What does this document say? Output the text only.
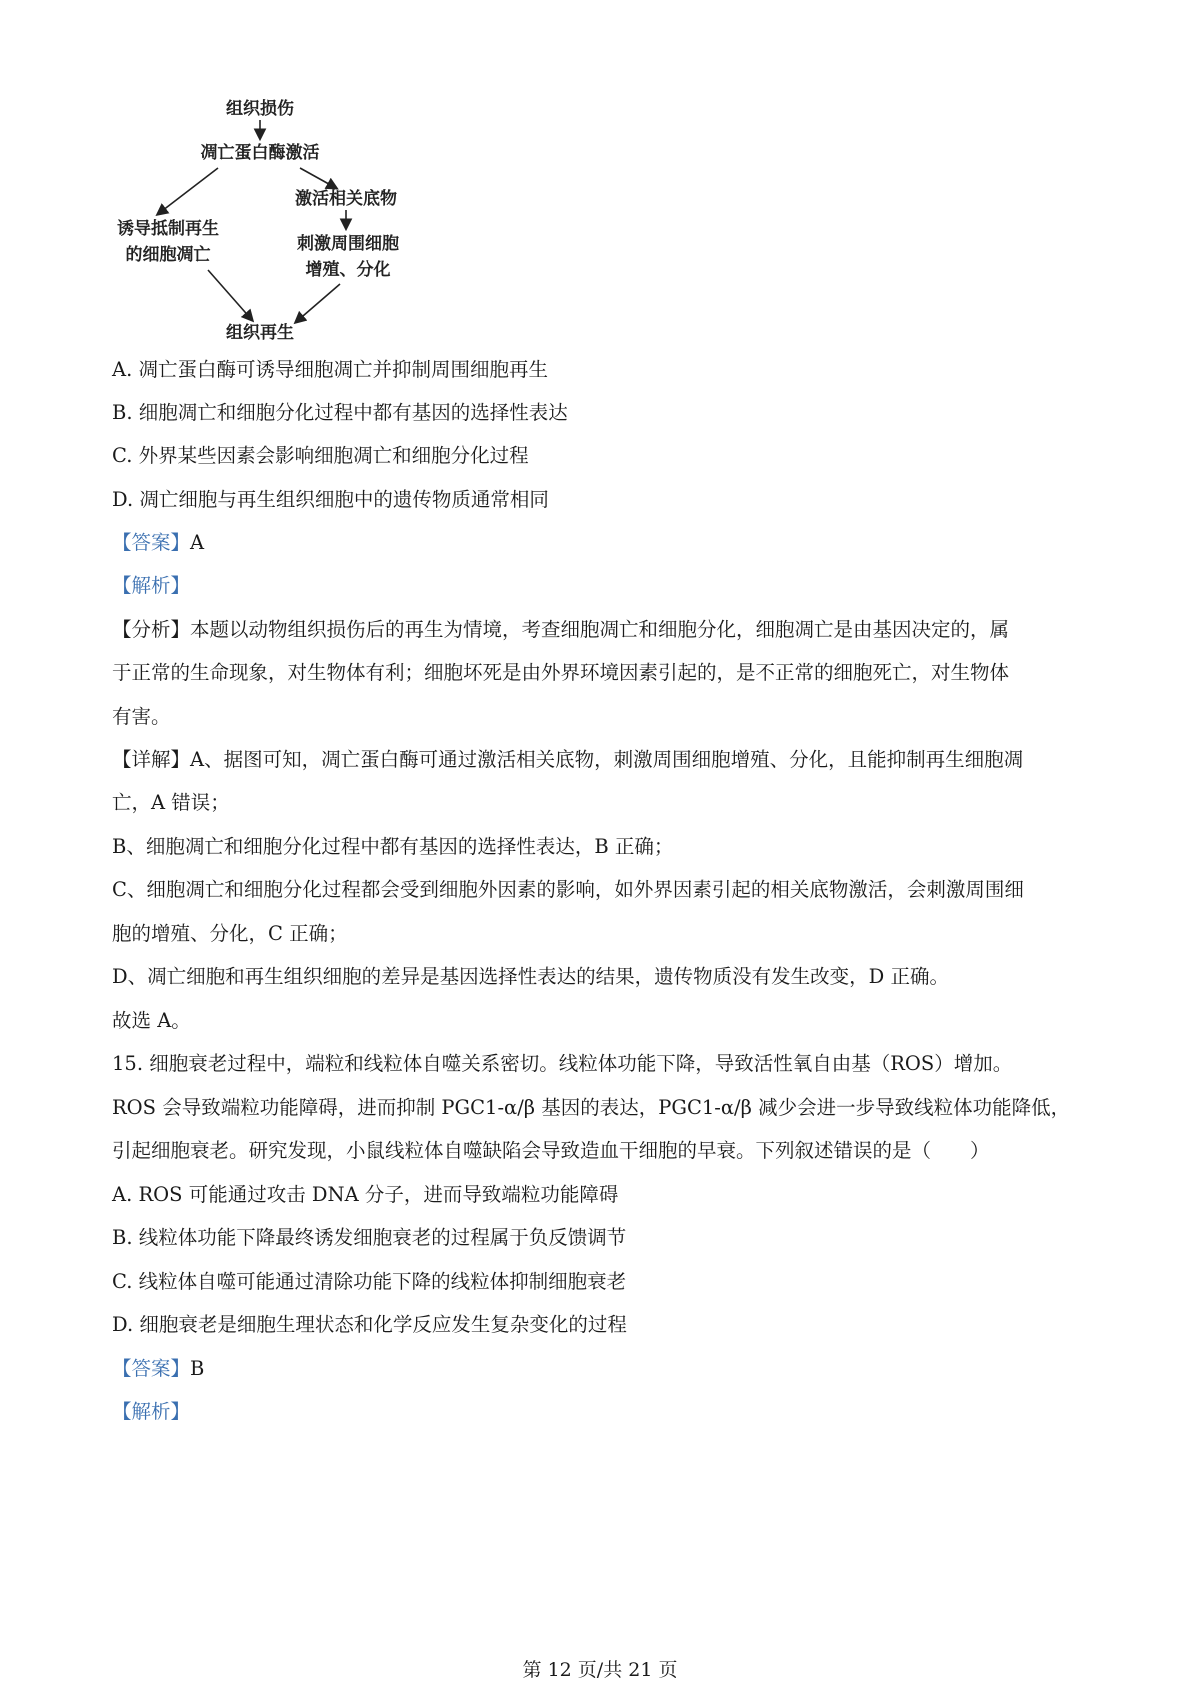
组织损伤
凋亡蛋白酶激活
激活相关底物
诱导抵制再生
的细胞凋亡
刺激周围细胞
增殖、分化
组织再生
A. 凋亡蛋白酶可诱导细胞凋亡并抑制周围细胞再生
B. 细胞凋亡和细胞分化过程中都有基因的选择性表达
C. 外界某些因素会影响细胞凋亡和细胞分化过程
D. 凋亡细胞与再生组织细胞中的遗传物质通常相同
【答案】A
【解析】
【分析】本题以动物组织损伤后的再生为情境，考查细胞凋亡和细胞分化，细胞凋亡是由基因决定的，属
于正常的生命现象，对生物体有利；细胞坏死是由外界环境因素引起的，是不正常的细胞死亡，对生物体
有害。
【详解】A、据图可知，凋亡蛋白酶可通过激活相关底物，刺激周围细胞增殖、分化，且能抑制再生细胞凋
亡，A 错误；
B、细胞凋亡和细胞分化过程中都有基因的选择性表达，B 正确；
C、细胞凋亡和细胞分化过程都会受到细胞外因素的影响，如外界因素引起的相关底物激活，会刺激周围细
胞的增殖、分化，C 正确；
D、凋亡细胞和再生组织细胞的差异是基因选择性表达的结果，遗传物质没有发生改变，D 正确。
故选 A。
15. 细胞衰老过程中，端粒和线粒体自噬关系密切。线粒体功能下降，导致活性氧自由基（ROS）增加。
ROS 会导致端粒功能障碍，进而抑制 PGC1-α/β 基因的表达，PGC1-α/β 减少会进一步导致线粒体功能降低，
引起细胞衰老。研究发现，小鼠线粒体自噬缺陷会导致造血干细胞的早衰。下列叙述错误的是（　　）
A. ROS 可能通过攻击 DNA 分子，进而导致端粒功能障碍
B. 线粒体功能下降最终诱发细胞衰老的过程属于负反馈调节
C. 线粒体自噬可能通过清除功能下降的线粒体抑制细胞衰老
D. 细胞衰老是细胞生理状态和化学反应发生复杂变化的过程
【答案】B
【解析】
第 12 页/共 21 页
